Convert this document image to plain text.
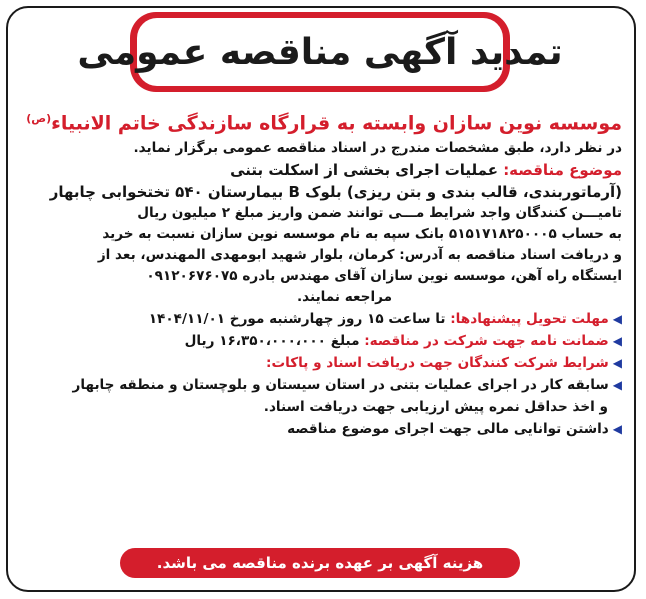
تمدید آگهی مناقصه عمومی
موسسه نوین سازان وابسته به قرارگاه سازندگی خاتم الانبیاء$^{(ص)}$
در نظر دارد، طبق مشخصات مندرج در اسناد مناقصه عمومی برگزار نماید.
موضوع مناقصه: عملیات اجرای بخشی از اسکلت بتنی
(آرماتوربندی، قالب بندی و بتن ریزی) بلوک B بیمارستان ۵۴۰ تختخوابی چابهار
تامیـــن کنندگان واجد شرایط مـــی توانند ضمن واریز مبلغ ۲ میلیون ریال
به حساب ۵۱۵۱۷۱۸۲۵۰۰۰۵ بانک سپه به نام موسسه نوین سازان نسبت به خرید
و دریافت اسناد مناقصه به آدرس: کرمان، بلوار شهید ابومهدی المهندس، بعد از
ایستگاه راه آهن، موسسه نوین سازان آقای مهندس بادره ۰۹۱۲۰۶۷۶۰۷۵
مراجعه نمایند.
◀مهلت تحویل پیشنهادها: تا ساعت ۱۵ روز چهارشنبه مورخ ۱۴۰۴/۱۱/۰۱
◀ضمانت نامه جهت شرکت در مناقصه: مبلغ ۱۶،۳۵۰،۰۰۰،۰۰۰ ریال
◀شرایط شرکت کنندگان جهت دریافت اسناد و پاکات:
◀سابقه کار در اجرای عملیات بتنی در استان سیستان و بلوچستان و منطقه چابهار
و اخذ حداقل نمره پیش ارزیابی جهت دریافت اسناد.
◀داشتن توانایی مالی جهت اجرای موضوع مناقصه
هزینه آگهی بر عهده برنده مناقصه می باشد.
